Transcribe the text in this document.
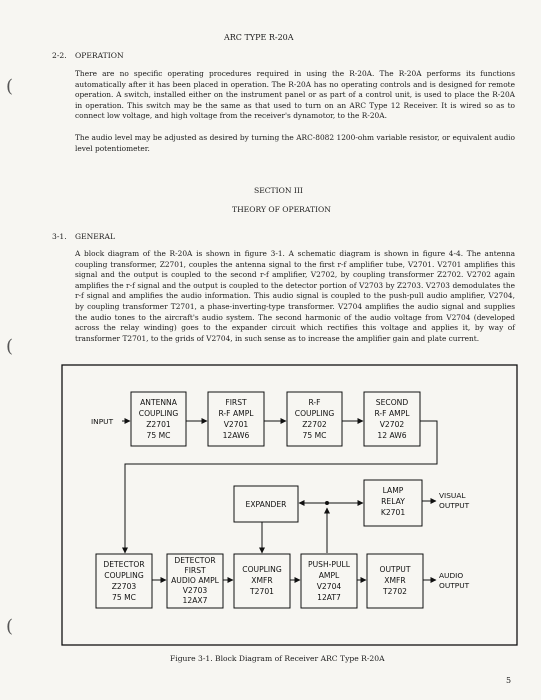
ARC TYPE R-20A
2-2. OPERATION
There are no specific operating procedures required in using the R-20A. The R-20A performs its functions automatically after it has been placed in operation. The R-20A has no operating controls and is designed for remote operation. A switch, installed either on the instrument panel or as part of a control unit, is used to place the R-20A in operation. This switch may be the same as that used to turn on an ARC Type 12 Receiver. It is wired so as to connect low voltage, and high voltage from the receiver's dynamotor, to the R-20A.
The audio level may be adjusted as desired by turning the ARC-8082 1200-ohm variable resistor, or equivalent audio level potentiometer.
SECTION III
THEORY OF OPERATION
3-1. GENERAL
A block diagram of the R-20A is shown in figure 3-1. A schematic diagram is shown in figure 4-4. The antenna coupling transformer, Z2701, couples the antenna signal to the first r-f amplifier tube, V2701. V2701 amplifies this signal and the output is coupled to the second r-f amplifier, V2702, by coupling transformer Z2702. V2702 again amplifies the r-f signal and the output is coupled to the detector portion of V2703 by Z2703. V2703 demodulates the r-f signal and amplifies the audio information. This audio signal is coupled to the push-pull audio amplifier, V2704, by coupling transformer T2701, a phase-inverting-type transformer. V2704 amplifies the audio signal and supplies the audio tones to the aircraft's audio system. The second harmonic of the audio voltage from V2704 (developed across the relay winding) goes to the expander circuit which rectifies this voltage and applies it, by way of transformer T2701, to the grids of V2704, in such sense as to increase the amplifier gain and plate current.
INPUT
VISUAL
OUTPUT
AUDIO
OUTPUT
ANTENNA
COUPLING
Z2701
75 MC
FIRST
R-F AMPL
V2701
12AW6
R-F
COUPLING
Z2702
75 MC
SECOND
R-F AMPL
V2702
12 AW6
EXPANDER
LAMP
RELAY
K2701
DETECTOR
COUPLING
Z2703
75 MC
DETECTOR
FIRST
AUDIO AMPL
V2703
12AX7
COUPLING
XMFR
T2701
PUSH-PULL
AMPL
V2704
12AT7
OUTPUT
XMFR
T2702
Figure 3-1. Block Diagram of Receiver ARC Type R-20A
5
(
(
(
